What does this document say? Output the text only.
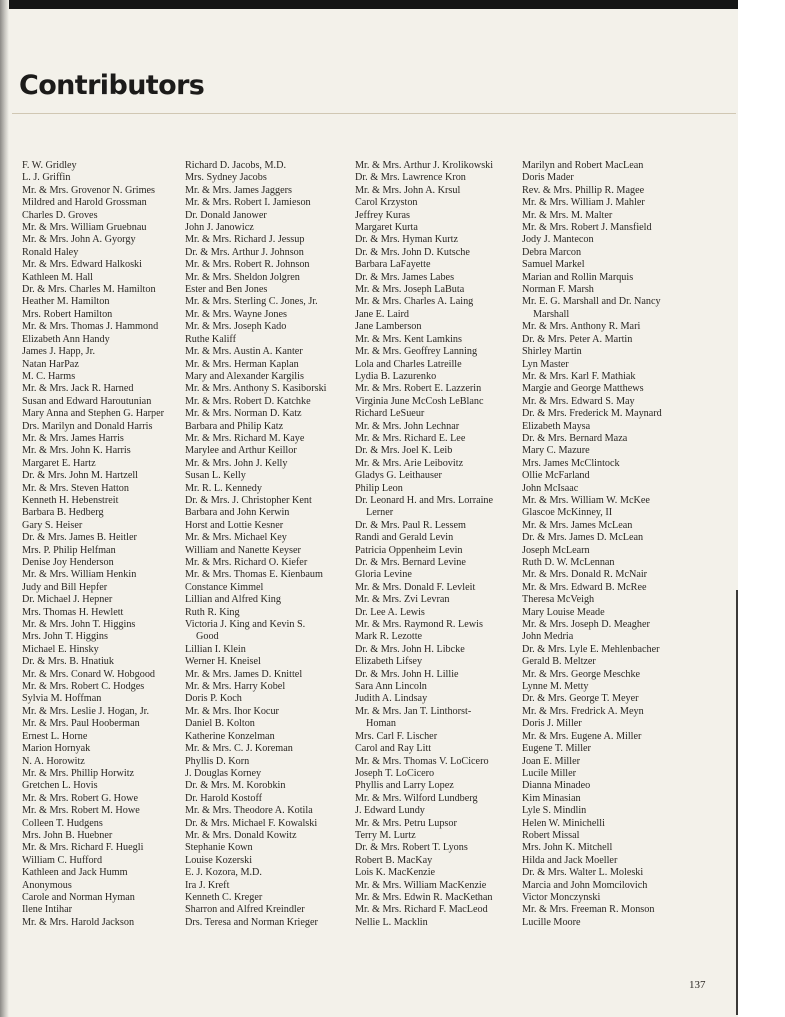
Contributors
F. W. Gridley
L. J. Griffin
Mr. & Mrs. Grovenor N. Grimes
Mildred and Harold Grossman
Charles D. Groves
Mr. & Mrs. William Gruebnau
Mr. & Mrs. John A. Gyorgy
Ronald Haley
Mr. & Mrs. Edward Halkoski
Kathleen M. Hall
Dr. & Mrs. Charles M. Hamilton
Heather M. Hamilton
Mrs. Robert Hamilton
Mr. & Mrs. Thomas J. Hammond
Elizabeth Ann Handy
James J. Happ, Jr.
Natan HarPaz
M. C. Harms
Mr. & Mrs. Jack R. Harned
Susan and Edward Haroutunian
Mary Anna and Stephen G. Harper
Drs. Marilyn and Donald Harris
Mr. & Mrs. James Harris
Mr. & Mrs. John K. Harris
Margaret E. Hartz
Dr. & Mrs. John M. Hartzell
Mr. & Mrs. Steven Hatton
Kenneth H. Hebenstreit
Barbara B. Hedberg
Gary S. Heiser
Dr. & Mrs. James B. Heitler
Mrs. P. Philip Helfman
Denise Joy Henderson
Mr. & Mrs. William Henkin
Judy and Bill Hepfer
Dr. Michael J. Hepner
Mrs. Thomas H. Hewlett
Mr. & Mrs. John T. Higgins
Mrs. John T. Higgins
Michael E. Hinsky
Dr. & Mrs. B. Hnatiuk
Mr. & Mrs. Conard W. Hobgood
Mr. & Mrs. Robert C. Hodges
Sylvia M. Hoffman
Mr. & Mrs. Leslie J. Hogan, Jr.
Mr. & Mrs. Paul Hooberman
Ernest L. Horne
Marion Hornyak
N. A. Horowitz
Mr. & Mrs. Phillip Horwitz
Gretchen L. Hovis
Mr. & Mrs. Robert G. Howe
Mr. & Mrs. Robert M. Howe
Colleen T. Hudgens
Mrs. John B. Huebner
Mr. & Mrs. Richard F. Huegli
William C. Hufford
Kathleen and Jack Humm
Anonymous
Carole and Norman Hyman
Ilene Intihar
Mr. & Mrs. Harold Jackson
Richard D. Jacobs, M.D.
Mrs. Sydney Jacobs
Mr. & Mrs. James Jaggers
Mr. & Mrs. Robert I. Jamieson
Dr. Donald Janower
John J. Janowicz
Mr. & Mrs. Richard J. Jessup
Dr. & Mrs. Arthur J. Johnson
Mr. & Mrs. Robert R. Johnson
Mr. & Mrs. Sheldon Jolgren
Ester and Ben Jones
Mr. & Mrs. Sterling C. Jones, Jr.
Mr. & Mrs. Wayne Jones
Mr. & Mrs. Joseph Kado
Ruthe Kaliff
Mr. & Mrs. Austin A. Kanter
Mr. & Mrs. Herman Kaplan
Mary and Alexander Kargilis
Mr. & Mrs. Anthony S. Kasiborski
Mr. & Mrs. Robert D. Katchke
Mr. & Mrs. Norman D. Katz
Barbara and Philip Katz
Mr. & Mrs. Richard M. Kaye
Marylee and Arthur Keillor
Mr. & Mrs. John J. Kelly
Susan L. Kelly
Mr. R. L. Kennedy
Dr. & Mrs. J. Christopher Kent
Barbara and John Kerwin
Horst and Lottie Kesner
Mr. & Mrs. Michael Key
William and Nanette Keyser
Mr. & Mrs. Richard O. Kiefer
Mr. & Mrs. Thomas E. Kienbaum
Constance Kimmel
Lillian and Alfred King
Ruth R. King
Victoria J. King and Kevin S.
Good
Lillian I. Klein
Werner H. Kneisel
Mr. & Mrs. James D. Knittel
Mr. & Mrs. Harry Kobel
Doris P. Koch
Mr. & Mrs. Ihor Kocur
Daniel B. Kolton
Katherine Konzelman
Mr. & Mrs. C. J. Koreman
Phyllis D. Korn
J. Douglas Korney
Dr. & Mrs. M. Korobkin
Dr. Harold Kostoff
Mr. & Mrs. Theodore A. Kotila
Dr. & Mrs. Michael F. Kowalski
Mr. & Mrs. Donald Kowitz
Stephanie Kown
Louise Kozerski
E. J. Kozora, M.D.
Ira J. Kreft
Kenneth C. Kreger
Sharron and Alfred Kreindler
Drs. Teresa and Norman Krieger
Mr. & Mrs. Arthur J. Krolikowski
Dr. & Mrs. Lawrence Kron
Mr. & Mrs. John A. Krsul
Carol Krzyston
Jeffrey Kuras
Margaret Kurta
Dr. & Mrs. Hyman Kurtz
Dr. & Mrs. John D. Kutsche
Barbara LaFayette
Dr. & Mrs. James Labes
Mr. & Mrs. Joseph LaButa
Mr. & Mrs. Charles A. Laing
Jane E. Laird
Jane Lamberson
Mr. & Mrs. Kent Lamkins
Mr. & Mrs. Geoffrey Lanning
Lola and Charles Latreille
Lydia B. Lazurenko
Mr. & Mrs. Robert E. Lazzerin
Virginia June McCosh LeBlanc
Richard LeSueur
Mr. & Mrs. John Lechnar
Mr. & Mrs. Richard E. Lee
Dr. & Mrs. Joel K. Leib
Mr. & Mrs. Arie Leibovitz
Gladys G. Leithauser
Philip Leon
Dr. Leonard H. and Mrs. Lorraine
Lerner
Dr. & Mrs. Paul R. Lessem
Randi and Gerald Levin
Patricia Oppenheim Levin
Dr. & Mrs. Bernard Levine
Gloria Levine
Mr. & Mrs. Donald F. Levleit
Mr. & Mrs. Zvi Levran
Dr. Lee A. Lewis
Mr. & Mrs. Raymond R. Lewis
Mark R. Lezotte
Dr. & Mrs. John H. Libcke
Elizabeth Lifsey
Dr. & Mrs. John H. Lillie
Sara Ann Lincoln
Judith A. Lindsay
Mr. & Mrs. Jan T. Linthorst-
Homan
Mrs. Carl F. Lischer
Carol and Ray Litt
Mr. & Mrs. Thomas V. LoCicero
Joseph T. LoCicero
Phyllis and Larry Lopez
Mr. & Mrs. Wilford Lundberg
J. Edward Lundy
Mr. & Mrs. Petru Lupsor
Terry M. Lurtz
Dr. & Mrs. Robert T. Lyons
Robert B. MacKay
Lois K. MacKenzie
Mr. & Mrs. William MacKenzie
Mr. & Mrs. Edwin R. MacKethan
Mr. & Mrs. Richard F. MacLeod
Nellie L. Macklin
Marilyn and Robert MacLean
Doris Mader
Rev. & Mrs. Phillip R. Magee
Mr. & Mrs. William J. Mahler
Mr. & Mrs. M. Malter
Mr. & Mrs. Robert J. Mansfield
Jody J. Mantecon
Debra Marcon
Samuel Markel
Marian and Rollin Marquis
Norman F. Marsh
Mr. E. G. Marshall and Dr. Nancy
Marshall
Mr. & Mrs. Anthony R. Mari
Dr. & Mrs. Peter A. Martin
Shirley Martin
Lyn Master
Mr. & Mrs. Karl F. Mathiak
Margie and George Matthews
Mr. & Mrs. Edward S. May
Dr. & Mrs. Frederick M. Maynard
Elizabeth Maysa
Dr. & Mrs. Bernard Maza
Mary C. Mazure
Mrs. James McClintock
Ollie McFarland
John McIsaac
Mr. & Mrs. William W. McKee
Glascoe McKinney, II
Mr. & Mrs. James McLean
Dr. & Mrs. James D. McLean
Joseph McLearn
Ruth D. W. McLennan
Mr. & Mrs. Donald R. McNair
Mr. & Mrs. Edward B. McRee
Theresa McVeigh
Mary Louise Meade
Mr. & Mrs. Joseph D. Meagher
John Medria
Dr. & Mrs. Lyle E. Mehlenbacher
Gerald B. Meltzer
Mr. & Mrs. George Meschke
Lynne M. Metty
Dr. & Mrs. George T. Meyer
Mr. & Mrs. Fredrick A. Meyn
Doris J. Miller
Mr. & Mrs. Eugene A. Miller
Eugene T. Miller
Joan E. Miller
Lucile Miller
Dianna Minadeo
Kim Minasian
Lyle S. Mindlin
Helen W. Minichelli
Robert Missal
Mrs. John K. Mitchell
Hilda and Jack Moeller
Dr. & Mrs. Walter L. Moleski
Marcia and John Momcilovich
Victor Monczynski
Mr. & Mrs. Freeman R. Monson
Lucille Moore
137
